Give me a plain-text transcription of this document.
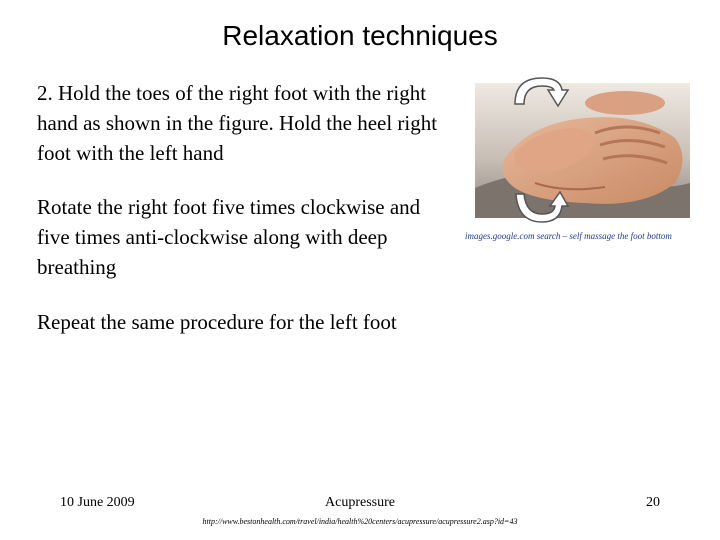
Relaxation techniques

2. Hold the toes of the right foot with the right hand as shown in the figure. Hold the heel right foot with the left hand

Rotate the right foot five times clockwise and five times anti-clockwise along with deep breathing

Repeat the same procedure for the left foot

images.google.com search – self massage the foot bottom
10 June 2009	Acupressure	20
http://www.bestonhealth.com/travel/india/health%20centers/acupressure/acupressure2.asp?id=43
